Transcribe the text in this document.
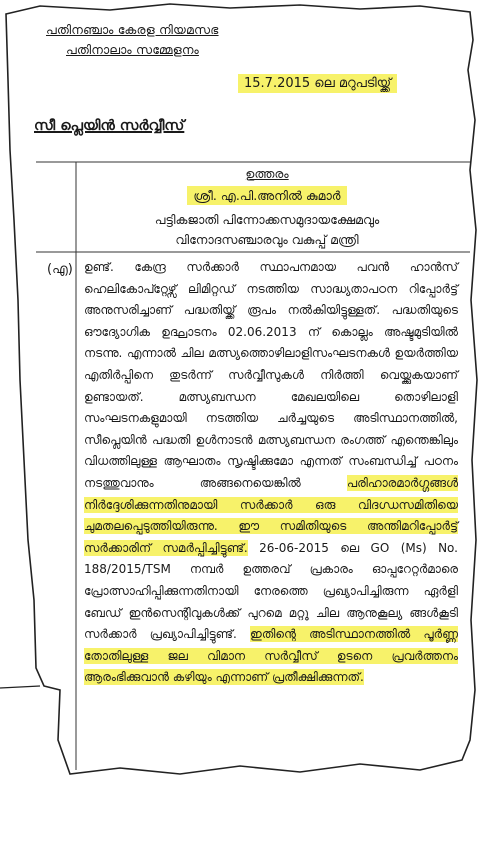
പതിനഞ്ചാം കേരള നിയമസഭ
പതിനാലാം സമ്മേളനം
15.7.2015 ലെ മറുപടിയ്ക്ക്
സീ പ്ലെയിൻ സർവ്വീസ്
ഉത്തരം
ശ്രീ. എ.പി.അനിൽ കുമാർ
പട്ടികജാതി പിന്നോക്കസമുദായക്ഷേമവും
വിനോദസഞ്ചാരവും വകുപ്പ് മന്ത്രി
(എ) ഉണ്ട്. കേന്ദ്ര സർക്കാർ സ്ഥാപനമായ പവൻ ഹാൻസ് ഹെലികോപ്റ്റേഴ്സ് ലിമിറ്റഡ് നടത്തിയ സാദ്ധ്യതാപഠന റിപ്പോർട്ട് അനുസരിച്ചാണ് പദ്ധതിയ്ക്ക് രൂപം നൽകിയിട്ടുള്ളത്. പദ്ധതിയുടെ ഔദ്യോഗിക ഉദ്ഘാടനം 02.06.2013 ന് കൊല്ലം അഷ്ടമുടിയിൽ നടന്നു. എന്നാൽ ചില മത്സ്യത്തൊഴിലാളിസംഘടനകൾ ഉയർത്തിയ എതിർപ്പിനെ തുടർന്ന് സർവ്വീസുകൾ നിർത്തി വെയ്ക്കുകയാണ് ഉണ്ടായത്. മത്സ്യബന്ധന മേഖലയിലെ തൊഴിലാളി സംഘടനകളുമായി നടത്തിയ ചർച്ചയുടെ അടിസ്ഥാനത്തിൽ, സീപ്ലെയിൻ പദ്ധതി ഉൾനാടൻ മത്സ്യബന്ധന രംഗത്ത് എന്തെങ്കിലും വിധത്തിലുള്ള ആഘാതം സൃഷ്ടിക്കുമോ എന്നത് സംബന്ധിച്ച് പഠനം നടത്തുവാനും അങ്ങനെയെങ്കിൽ പരിഹാരമാർഗ്ഗങ്ങൾ നിർദ്ദേശിക്കുന്നതിനുമായി സർക്കാർ ഒരു വിദഗ്ധസമിതിയെ ചുമതലപ്പെടുത്തിയിരുന്നു. ഈ സമിതിയുടെ അന്തിമറിപ്പോർട്ട് സർക്കാരിന് സമർപ്പിച്ചിട്ടുണ്ട്. 26-06-2015 ലെ GO (Ms) No. 188/2015/TSM നമ്പർ ഉത്തരവ് പ്രകാരം ഓപ്പറേറ്റർമാരെ പ്രോത്സാഹിപ്പിക്കുന്നതിനായി നേരത്തെ പ്രഖ്യാപിച്ചിരുന്ന ഏർളി ബേഡ് ഇൻസെന്റിവുകൾക്ക് പുറമെ മറ്റു ചില ആനുകൂല്യ ങ്ങൾകൂടി സർക്കാർ പ്രഖ്യാപിച്ചിട്ടുണ്ട്. ഇതിന്റെ അടിസ്ഥാനത്തിൽ പൂർണ്ണ തോതിലുള്ള ജല വിമാന സർവ്വീസ് ഉടനെ പ്രവർത്തനം ആരംഭിക്കുവാൻ കഴിയും എന്നാണ് പ്രതീക്ഷിക്കുന്നത്.
